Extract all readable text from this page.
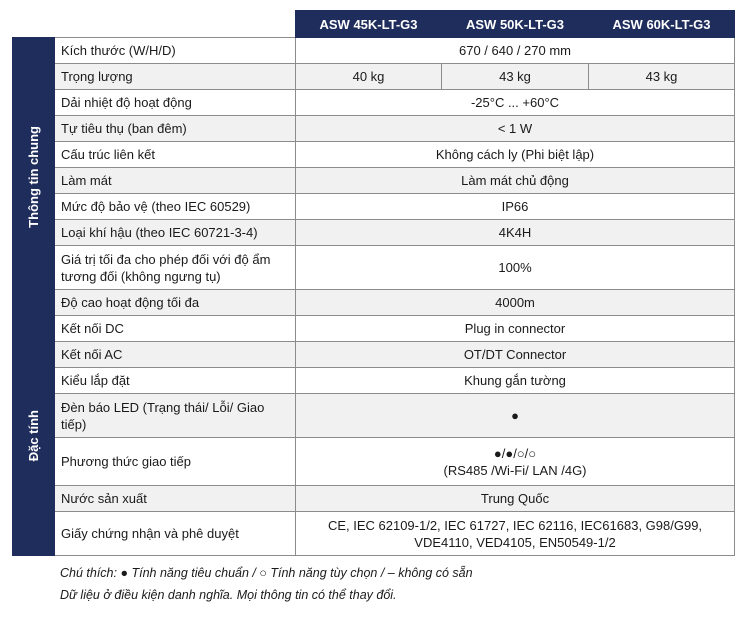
		ASW 45K-LT-G3	ASW 50K-LT-G3	ASW 60K-LT-G3

Thông tin chung	Kích thước (W/H/D)	670 / 640 / 270 mm		
	Trọng lượng	40 kg	43 kg	43 kg
	Dải nhiệt độ hoạt động	-25°C ... +60°C		
	Tự tiêu thụ (ban đêm)	< 1 W		
	Cấu trúc liên kết	Không cách ly (Phi biệt lập)		
	Làm mát	Làm mát chủ động		
	Mức độ bảo vệ (theo IEC 60529)	IP66		
	Loại khí hậu (theo IEC 60721-3-4)	4K4H		
	Giá trị tối đa cho phép đối với độ ẩm tương đối (không ngưng tụ)	100%		
	Độ cao hoạt động tối đa	4000m		

Đặc tính	Kết nối DC	Plug in connector		
	Kết nối AC	OT/DT Connector		
	Kiểu lắp đặt	Khung gắn tường		
	Đèn báo LED (Trạng thái/ Lỗi/ Giao tiếp)	●		
	Phương thức giao tiếp	●/●/○/○
(RS485 /Wi-Fi/ LAN /4G)		

	Nước sản xuất	Trung Quốc		
	Giấy chứng nhận và phê duyệt	CE, IEC 62109-1/2, IEC 61727, IEC 62116, IEC61683, G98/G99,
VDE4110, VED4105, EN50549-1/2		
Chú thích: ● Tính năng tiêu chuẩn / ○ Tính năng tùy chọn / – không có sẵn
Dữ liệu ở điều kiện danh nghĩa. Mọi thông tin có thể thay đổi.
